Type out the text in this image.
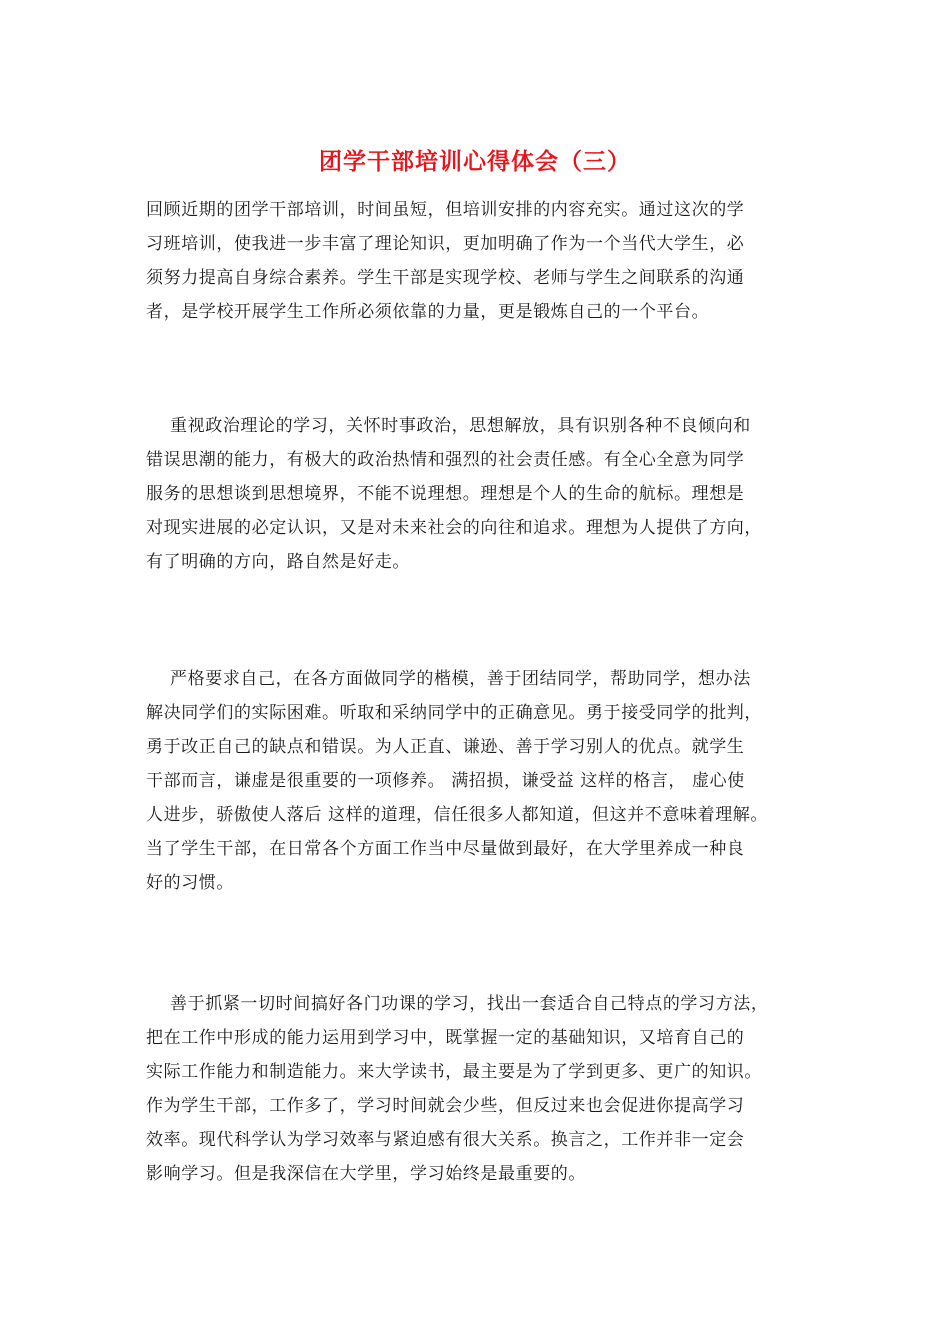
团学干部培训心得体会（三）
回顾近期的团学干部培训，时间虽短，但培训安排的内容充实。通过这次的学
习班培训，使我进一步丰富了理论知识，更加明确了作为一个当代大学生，必
须努力提高自身综合素养。学生干部是实现学校、老师与学生之间联系的沟通
者，是学校开展学生工作所必须依靠的力量，更是锻炼自己的一个平台。
重视政治理论的学习，关怀时事政治，思想解放，具有识别各种不良倾向和
错误思潮的能力，有极大的政治热情和强烈的社会责任感。有全心全意为同学
服务的思想谈到思想境界，不能不说理想。理想是个人的生命的航标。理想是
对现实进展的必定认识，又是对未来社会的向往和追求。理想为人提供了方向，
有了明确的方向，路自然是好走。
严格要求自己，在各方面做同学的楷模，善于团结同学，帮助同学，想办法
解决同学们的实际困难。听取和采纳同学中的正确意见。勇于接受同学的批判，
勇于改正自己的缺点和错误。为人正直、谦逊、善于学习别人的优点。就学生
干部而言，谦虚是很重要的一项修养。 满招损，谦受益 这样的格言， 虚心使
人进步，骄傲使人落后 这样的道理，信任很多人都知道，但这并不意味着理解。
当了学生干部，在日常各个方面工作当中尽量做到最好，在大学里养成一种良
好的习惯。
善于抓紧一切时间搞好各门功课的学习，找出一套适合自己特点的学习方法，
把在工作中形成的能力运用到学习中，既掌握一定的基础知识，又培育自己的
实际工作能力和制造能力。来大学读书，最主要是为了学到更多、更广的知识。
作为学生干部，工作多了，学习时间就会少些，但反过来也会促进你提高学习
效率。现代科学认为学习效率与紧迫感有很大关系。换言之，工作并非一定会
影响学习。但是我深信在大学里，学习始终是最重要的。
